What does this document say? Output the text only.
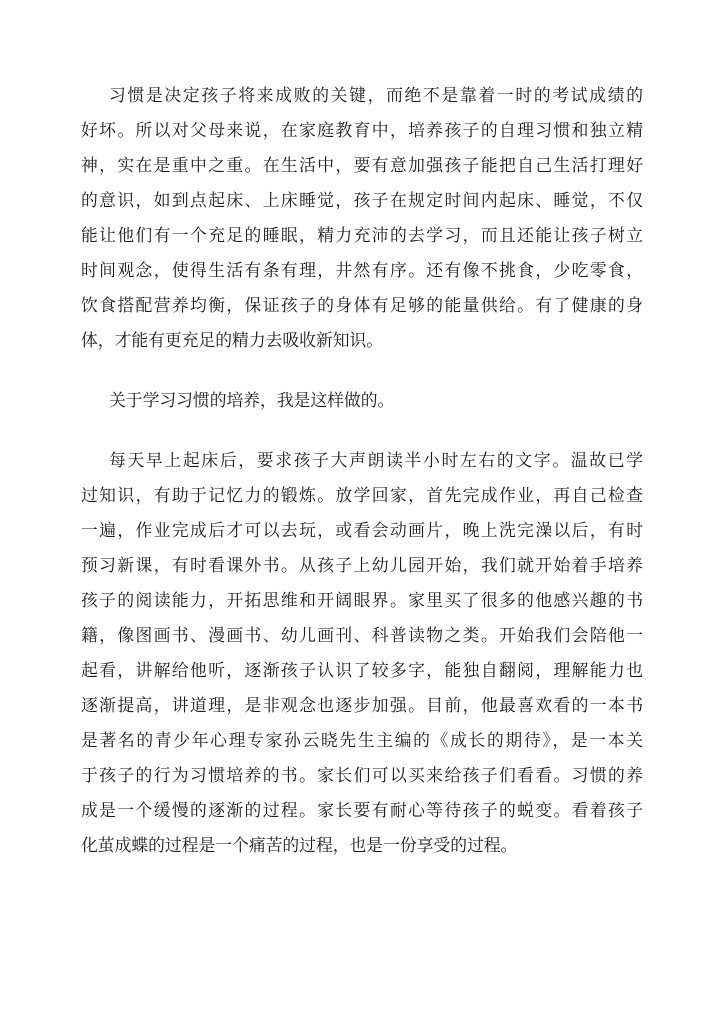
习惯是决定孩子将来成败的关键，而绝不是靠着一时的考试成绩的
好坏。所以对父母来说，在家庭教育中，培养孩子的自理习惯和独立精
神，实在是重中之重。在生活中，要有意加强孩子能把自己生活打理好
的意识，如到点起床、上床睡觉，孩子在规定时间内起床、睡觉，不仅
能让他们有一个充足的睡眠，精力充沛的去学习，而且还能让孩子树立
时间观念，使得生活有条有理，井然有序。还有像不挑食，少吃零食，
饮食搭配营养均衡，保证孩子的身体有足够的能量供给。有了健康的身
体，才能有更充足的精力去吸收新知识。
关于学习习惯的培养，我是这样做的。
每天早上起床后，要求孩子大声朗读半小时左右的文字。温故已学
过知识，有助于记忆力的锻炼。放学回家，首先完成作业，再自己检查
一遍，作业完成后才可以去玩，或看会动画片，晚上洗完澡以后，有时
预习新课，有时看课外书。从孩子上幼儿园开始，我们就开始着手培养
孩子的阅读能力，开拓思维和开阔眼界。家里买了很多的他感兴趣的书
籍，像图画书、漫画书、幼儿画刊、科普读物之类。开始我们会陪他一
起看，讲解给他听，逐渐孩子认识了较多字，能独自翻阅，理解能力也
逐渐提高，讲道理，是非观念也逐步加强。目前，他最喜欢看的一本书
是著名的青少年心理专家孙云晓先生主编的《成长的期待》，是一本关
于孩子的行为习惯培养的书。家长们可以买来给孩子们看看。习惯的养
成是一个缓慢的逐渐的过程。家长要有耐心等待孩子的蜕变。看着孩子
化茧成蝶的过程是一个痛苦的过程，也是一份享受的过程。
